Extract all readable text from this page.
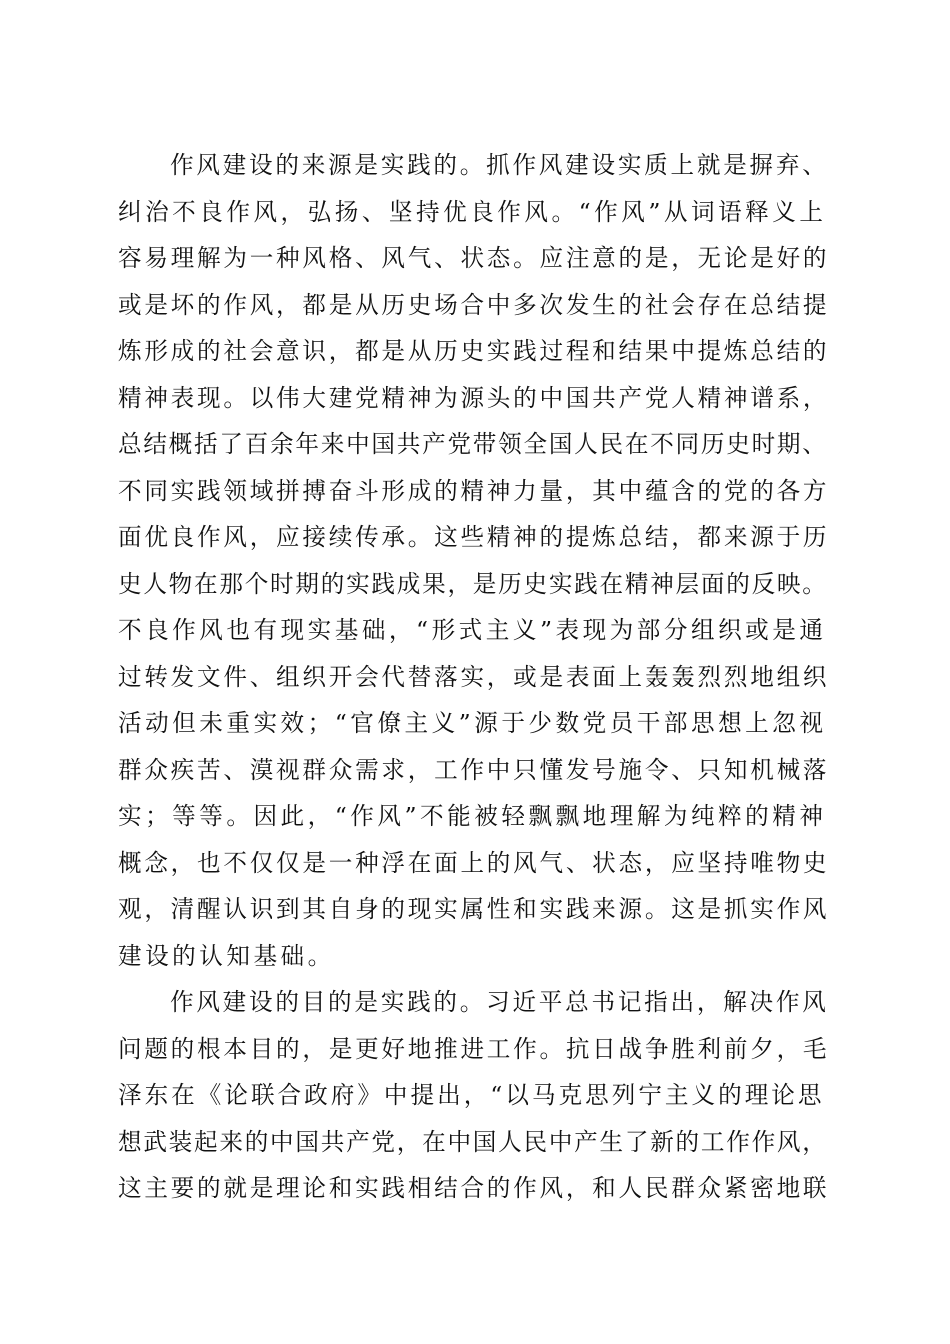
作风建设的来源是实践的。抓作风建设实质上就是摒弃、
纠治不良作风，弘扬、坚持优良作风。“作风”从词语释义上
容易理解为一种风格、风气、状态。应注意的是，无论是好的
或是坏的作风，都是从历史场合中多次发生的社会存在总结提
炼形成的社会意识，都是从历史实践过程和结果中提炼总结的
精神表现。以伟大建党精神为源头的中国共产党人精神谱系，
总结概括了百余年来中国共产党带领全国人民在不同历史时期、
不同实践领域拼搏奋斗形成的精神力量，其中蕴含的党的各方
面优良作风，应接续传承。这些精神的提炼总结，都来源于历
史人物在那个时期的实践成果，是历史实践在精神层面的反映。
不良作风也有现实基础，“形式主义”表现为部分组织或是通
过转发文件、组织开会代替落实，或是表面上轰轰烈烈地组织
活动但未重实效；“官僚主义”源于少数党员干部思想上忽视
群众疾苦、漠视群众需求，工作中只懂发号施令、只知机械落
实；等等。因此，“作风”不能被轻飘飘地理解为纯粹的精神
概念，也不仅仅是一种浮在面上的风气、状态，应坚持唯物史
观，清醒认识到其自身的现实属性和实践来源。这是抓实作风
建设的认知基础。
作风建设的目的是实践的。习近平总书记指出，解决作风
问题的根本目的，是更好地推进工作。抗日战争胜利前夕，毛
泽东在《论联合政府》中提出，“以马克思列宁主义的理论思
想武装起来的中国共产党，在中国人民中产生了新的工作作风，
这主要的就是理论和实践相结合的作风，和人民群众紧密地联
